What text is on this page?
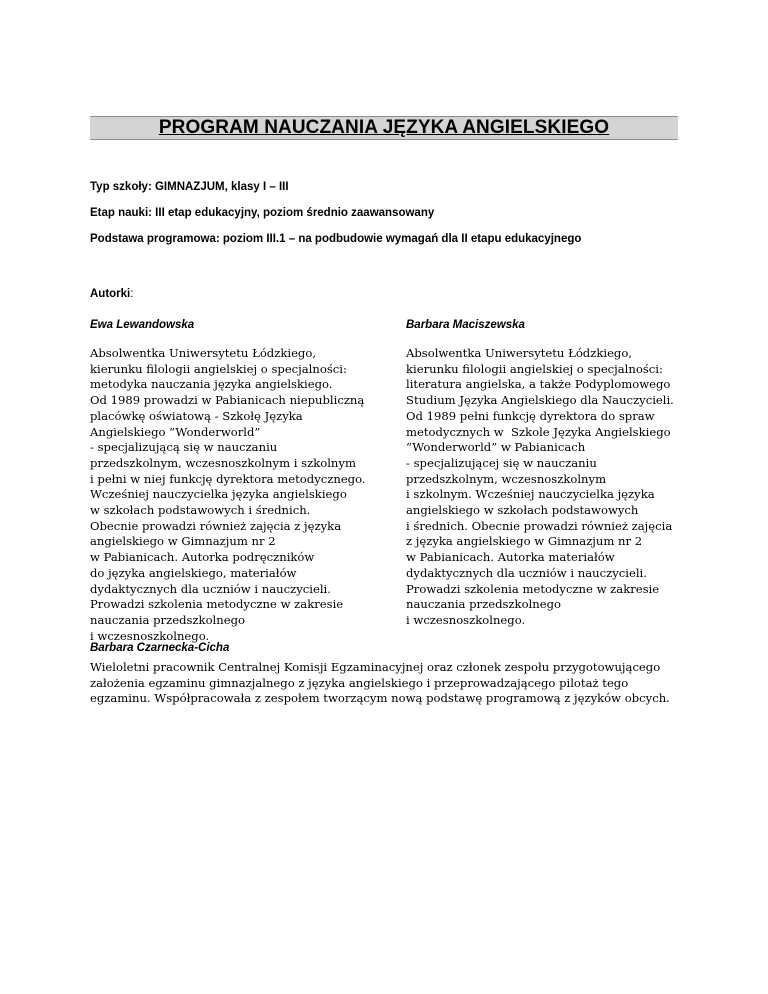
PROGRAM NAUCZANIA JĘZYKA ANGIELSKIEGO
Typ szkoły: GIMNAZJUM, klasy I – III
Etap nauki: III etap edukacyjny, poziom średnio zaawansowany
Podstawa programowa: poziom III.1 – na podbudowie wymagań dla II etapu edukacyjnego
Autorki:
Ewa Lewandowska
Absolwentka Uniwersytetu Łódzkiego,
kierunku filologii angielskiej o specjalności:
metodyka nauczania języka angielskiego.
Od 1989 prowadzi w Pabianicach niepubliczną
placówkę oświatową - Szkołę Języka
Angielskiego “Wonderworld”
- specjalizującą się w nauczaniu
przedszkolnym, wczesnoszkolnym i szkolnym
i pełni w niej funkcję dyrektora metodycznego.
Wcześniej nauczycielka języka angielskiego
w szkołach podstawowych i średnich.
Obecnie prowadzi również zajęcia z języka
angielskiego w Gimnazjum nr 2
w Pabianicach. Autorka podręczników
do języka angielskiego, materiałów
dydaktycznych dla uczniów i nauczycieli.
Prowadzi szkolenia metodyczne w zakresie
nauczania przedszkolnego
i wczesnoszkolnego.
Barbara Maciszewska
Absolwentka Uniwersytetu Łódzkiego,
kierunku filologii angielskiej o specjalności:
literatura angielska, a także Podyplomowego
Studium Języka Angielskiego dla Nauczycieli.
Od 1989 pełni funkcję dyrektora do spraw
metodycznych w  Szkole Języka Angielskiego
“Wonderworld” w Pabianicach
- specjalizującej się w nauczaniu
przedszkolnym, wczesnoszkolnym
i szkolnym. Wcześniej nauczycielka języka
angielskiego w szkołach podstawowych
i średnich. Obecnie prowadzi również zajęcia
z języka angielskiego w Gimnazjum nr 2
w Pabianicach. Autorka materiałów
dydaktycznych dla uczniów i nauczycieli.
Prowadzi szkolenia metodyczne w zakresie
nauczania przedszkolnego
i wczesnoszkolnego.
Barbara Czarnecka-Cicha
Wieloletni pracownik Centralnej Komisji Egzaminacyjnej oraz członek zespołu przygotowującego
założenia egzaminu gimnazjalnego z języka angielskiego i przeprowadzającego pilotaż tego
egzaminu. Współpracowała z zespołem tworzącym nową podstawę programową z języków obcych.
